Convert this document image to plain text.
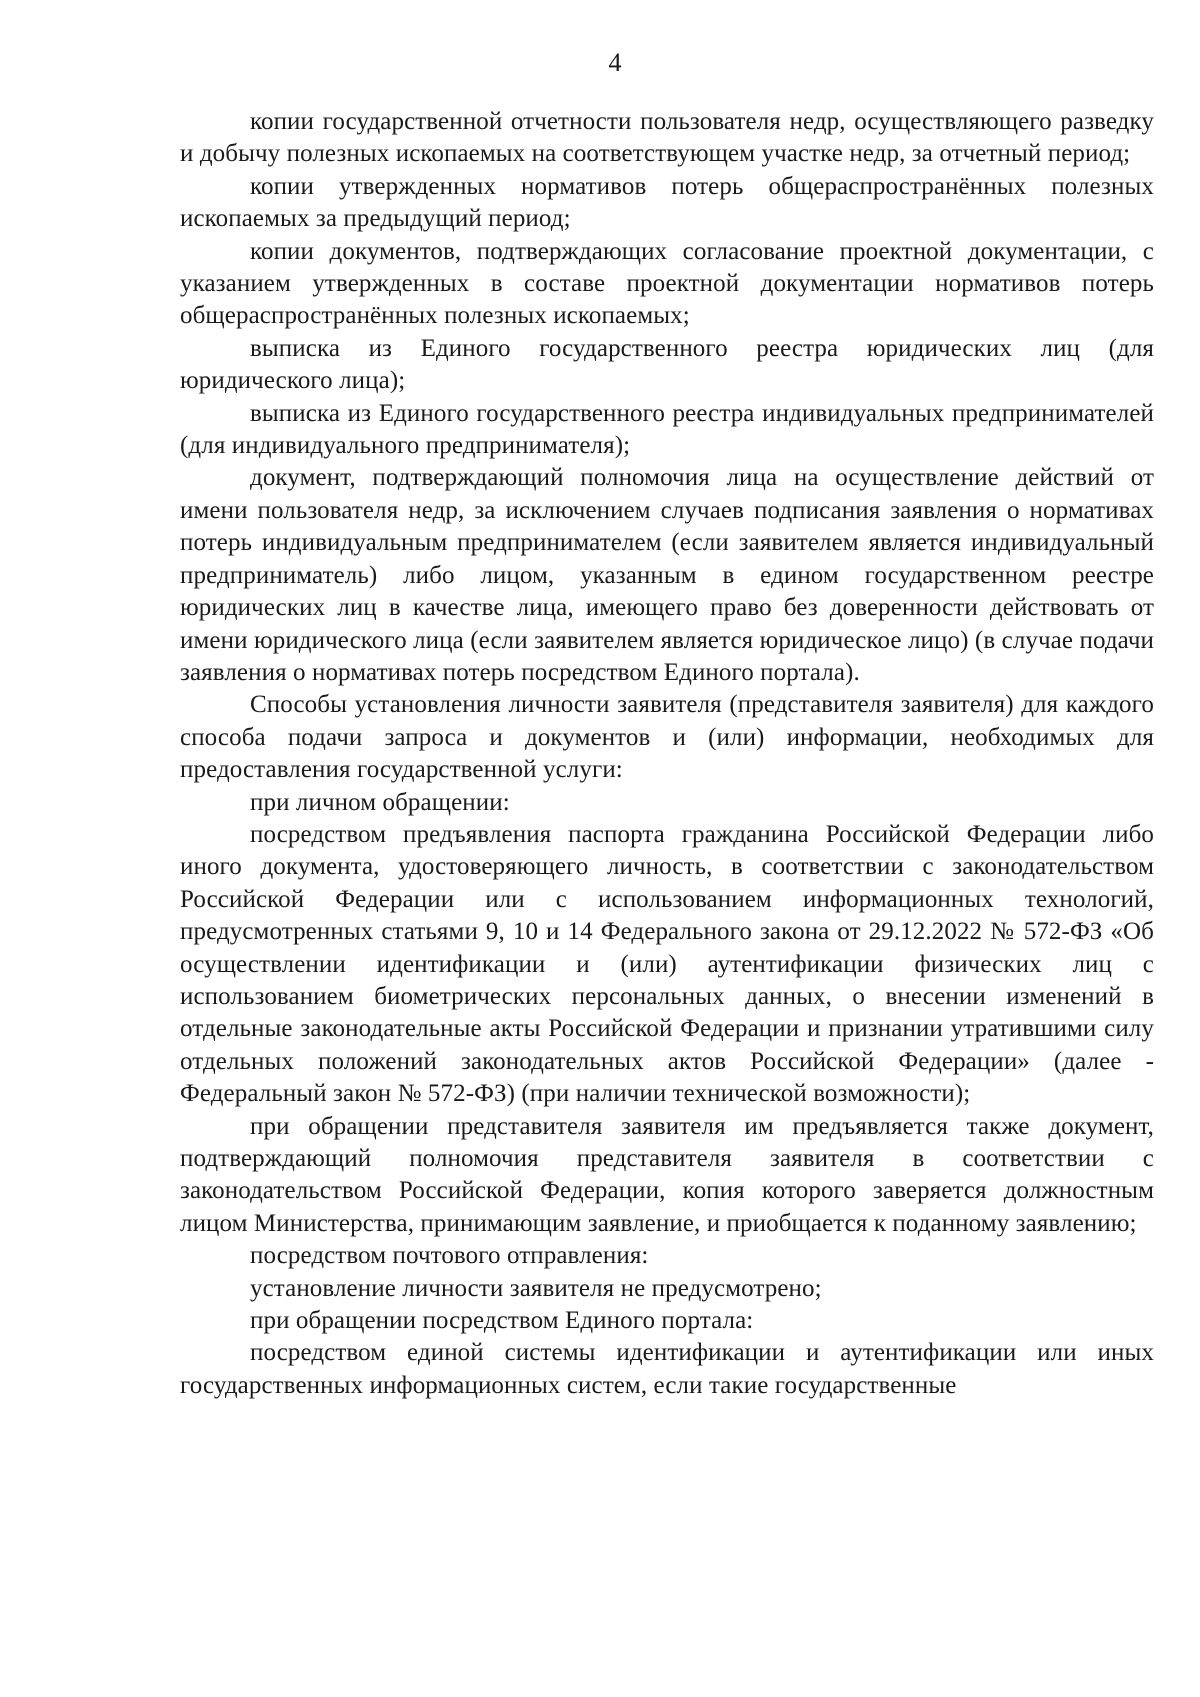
4

копии государственной отчетности пользователя недр, осуществляющего разведку и добычу полезных ископаемых на соответствующем участке недр, за отчетный период;

копии утвержденных нормативов потерь общераспространённых полезных ископаемых за предыдущий период;

копии документов, подтверждающих согласование проектной документации, с указанием утвержденных в составе проектной документации нормативов потерь общераспространённых полезных ископаемых;

выписка из Единого государственного реестра юридических лиц (для юридического лица);

выписка из Единого государственного реестра индивидуальных предпринимателей (для индивидуального предпринимателя);

документ, подтверждающий полномочия лица на осуществление действий от имени пользователя недр, за исключением случаев подписания заявления о нормативах потерь индивидуальным предпринимателем (если заявителем является индивидуальный предприниматель) либо лицом, указанным в едином государственном реестре юридических лиц в качестве лица, имеющего право без доверенности действовать от имени юридического лица (если заявителем является юридическое лицо) (в случае подачи заявления о нормативах потерь посредством Единого портала).

Способы установления личности заявителя (представителя заявителя) для каждого способа подачи запроса и документов и (или) информации, необходимых для предоставления государственной услуги:

при личном обращении:

посредством предъявления паспорта гражданина Российской Федерации либо иного документа, удостоверяющего личность, в соответствии с законодательством Российской Федерации или с использованием информационных технологий, предусмотренных статьями 9, 10 и 14 Федерального закона от 29.12.2022 № 572-ФЗ «Об осуществлении идентификации и (или) аутентификации физических лиц с использованием биометрических персональных данных, о внесении изменений в отдельные законодательные акты Российской Федерации и признании утратившими силу отдельных положений законодательных актов Российской Федерации» (далее - Федеральный закон № 572-ФЗ) (при наличии технической возможности);

при обращении представителя заявителя им предъявляется также документ, подтверждающий полномочия представителя заявителя в соответствии с законодательством Российской Федерации, копия которого заверяется должностным лицом Министерства, принимающим заявление, и приобщается к поданному заявлению;

посредством почтового отправления:

установление личности заявителя не предусмотрено;

при обращении посредством Единого портала:

посредством единой системы идентификации и аутентификации или иных государственных информационных систем, если такие государственные
